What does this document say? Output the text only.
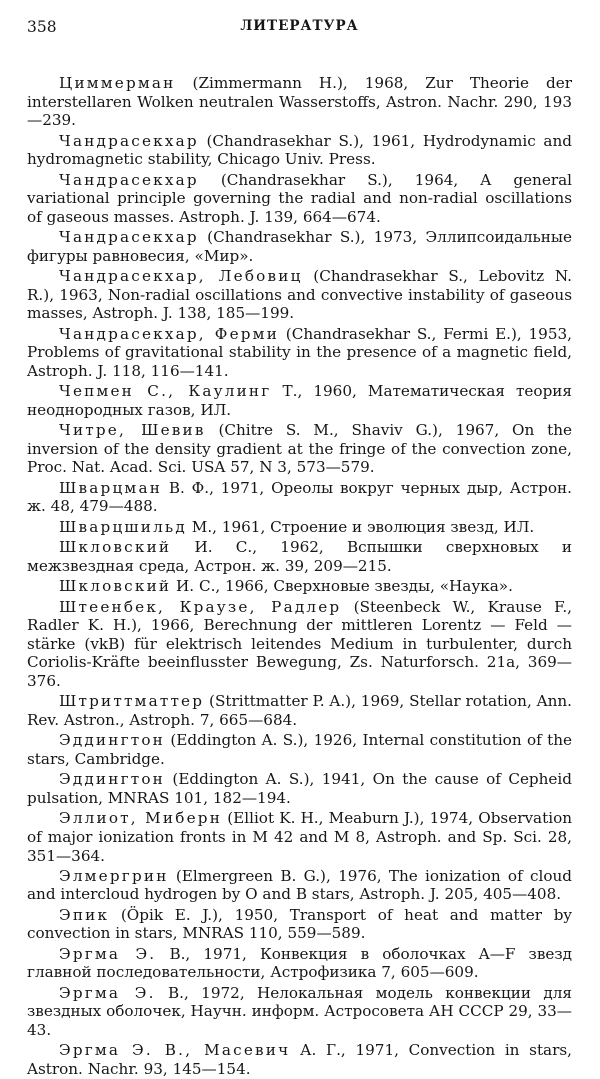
358	ЛИТЕРАТУРА
Циммерман (Zimmermann H.), 1968, Zur Theorie der interstellaren Wolken neutralen Wasserstoffs, Astron. Nachr. 290, 193—239.
Чандрасекхар (Chandrasekhar S.), 1961, Hydrodynamic and hydromagnetic stability, Chicago Univ. Press.
Чандрасекхар (Chandrasekhar S.), 1964, A general variational principle governing the radial and non-radial oscillations of gaseous masses. Astroph. J. 139, 664—674.
Чандрасекхар (Chandrasekhar S.), 1973, Эллипсоидальные фигуры равновесия, «Мир».
Чандрасекхар, Лебовиц (Chandrasekhar S., Lebovitz N. R.), 1963, Non-radial oscillations and convective instability of gaseous masses, Astroph. J. 138, 185—199.
Чандрасекхар, Ферми (Chandrasekhar S., Fermi E.), 1953, Problems of gravitational stability in the presence of a magnetic field, Astroph. J. 118, 116—141.
Чепмен С., Каулинг Т., 1960, Математическая теория неоднородных газов, ИЛ.
Читре, Шевив (Chitre S. M., Shaviv G.), 1967, On the inversion of the density gradient at the fringe of the convection zone, Proc. Nat. Acad. Sci. USA 57, N 3, 573—579.
Шварцман В. Ф., 1971, Ореолы вокруг черных дыр, Астрон. ж. 48, 479—488.
Шварцшильд М., 1961, Строение и эволюция звезд, ИЛ.
Шкловский И. С., 1962, Вспышки сверхновых и межзвездная среда, Астрон. ж. 39, 209—215.
Шкловский И. С., 1966, Сверхновые звезды, «Наука».
Штеенбек, Краузе, Радлер (Steenbeck W., Krause F., Radler K. H.), 1966, Berechnung der mittleren Lorentz — Feld — stärke (vkB) für elektrisch leitendes Medium in turbulenter, durch Coriolis-Kräfte beeinflusster Bewegung, Zs. Naturforsch. 21a, 369—376.
Штриттматтер (Strittmatter P. A.), 1969, Stellar rotation, Ann. Rev. Astron., Astroph. 7, 665—684.
Эддингтон (Eddington A. S.), 1926, Internal constitution of the stars, Cambridge.
Эддингтон (Eddington A. S.), 1941, On the cause of Cepheid pulsation, MNRAS 101, 182—194.
Эллиот, Миберн (Elliot K. H., Meaburn J.), 1974, Observation of major ionization fronts in M 42 and M 8, Astroph. and Sp. Sci. 28, 351—364.
Элмергрин (Elmergreen B. G.), 1976, The ionization of cloud and intercloud hydrogen by O and B stars, Astroph. J. 205, 405—408.
Эпик (Öpik E. J.), 1950, Transport of heat and matter by convection in stars, MNRAS 110, 559—589.
Эргма Э. В., 1971, Конвекция в оболочках A—F звезд главной последовательности, Астрофизика 7, 605—609.
Эргма Э. В., 1972, Нелокальная модель конвекции для звездных оболочек, Научн. информ. Астросовета АН СССР 29, 33—43.
Эргма Э. В., Масевич А. Г., 1971, Convection in stars, Astron. Nachr. 93, 145—154.
